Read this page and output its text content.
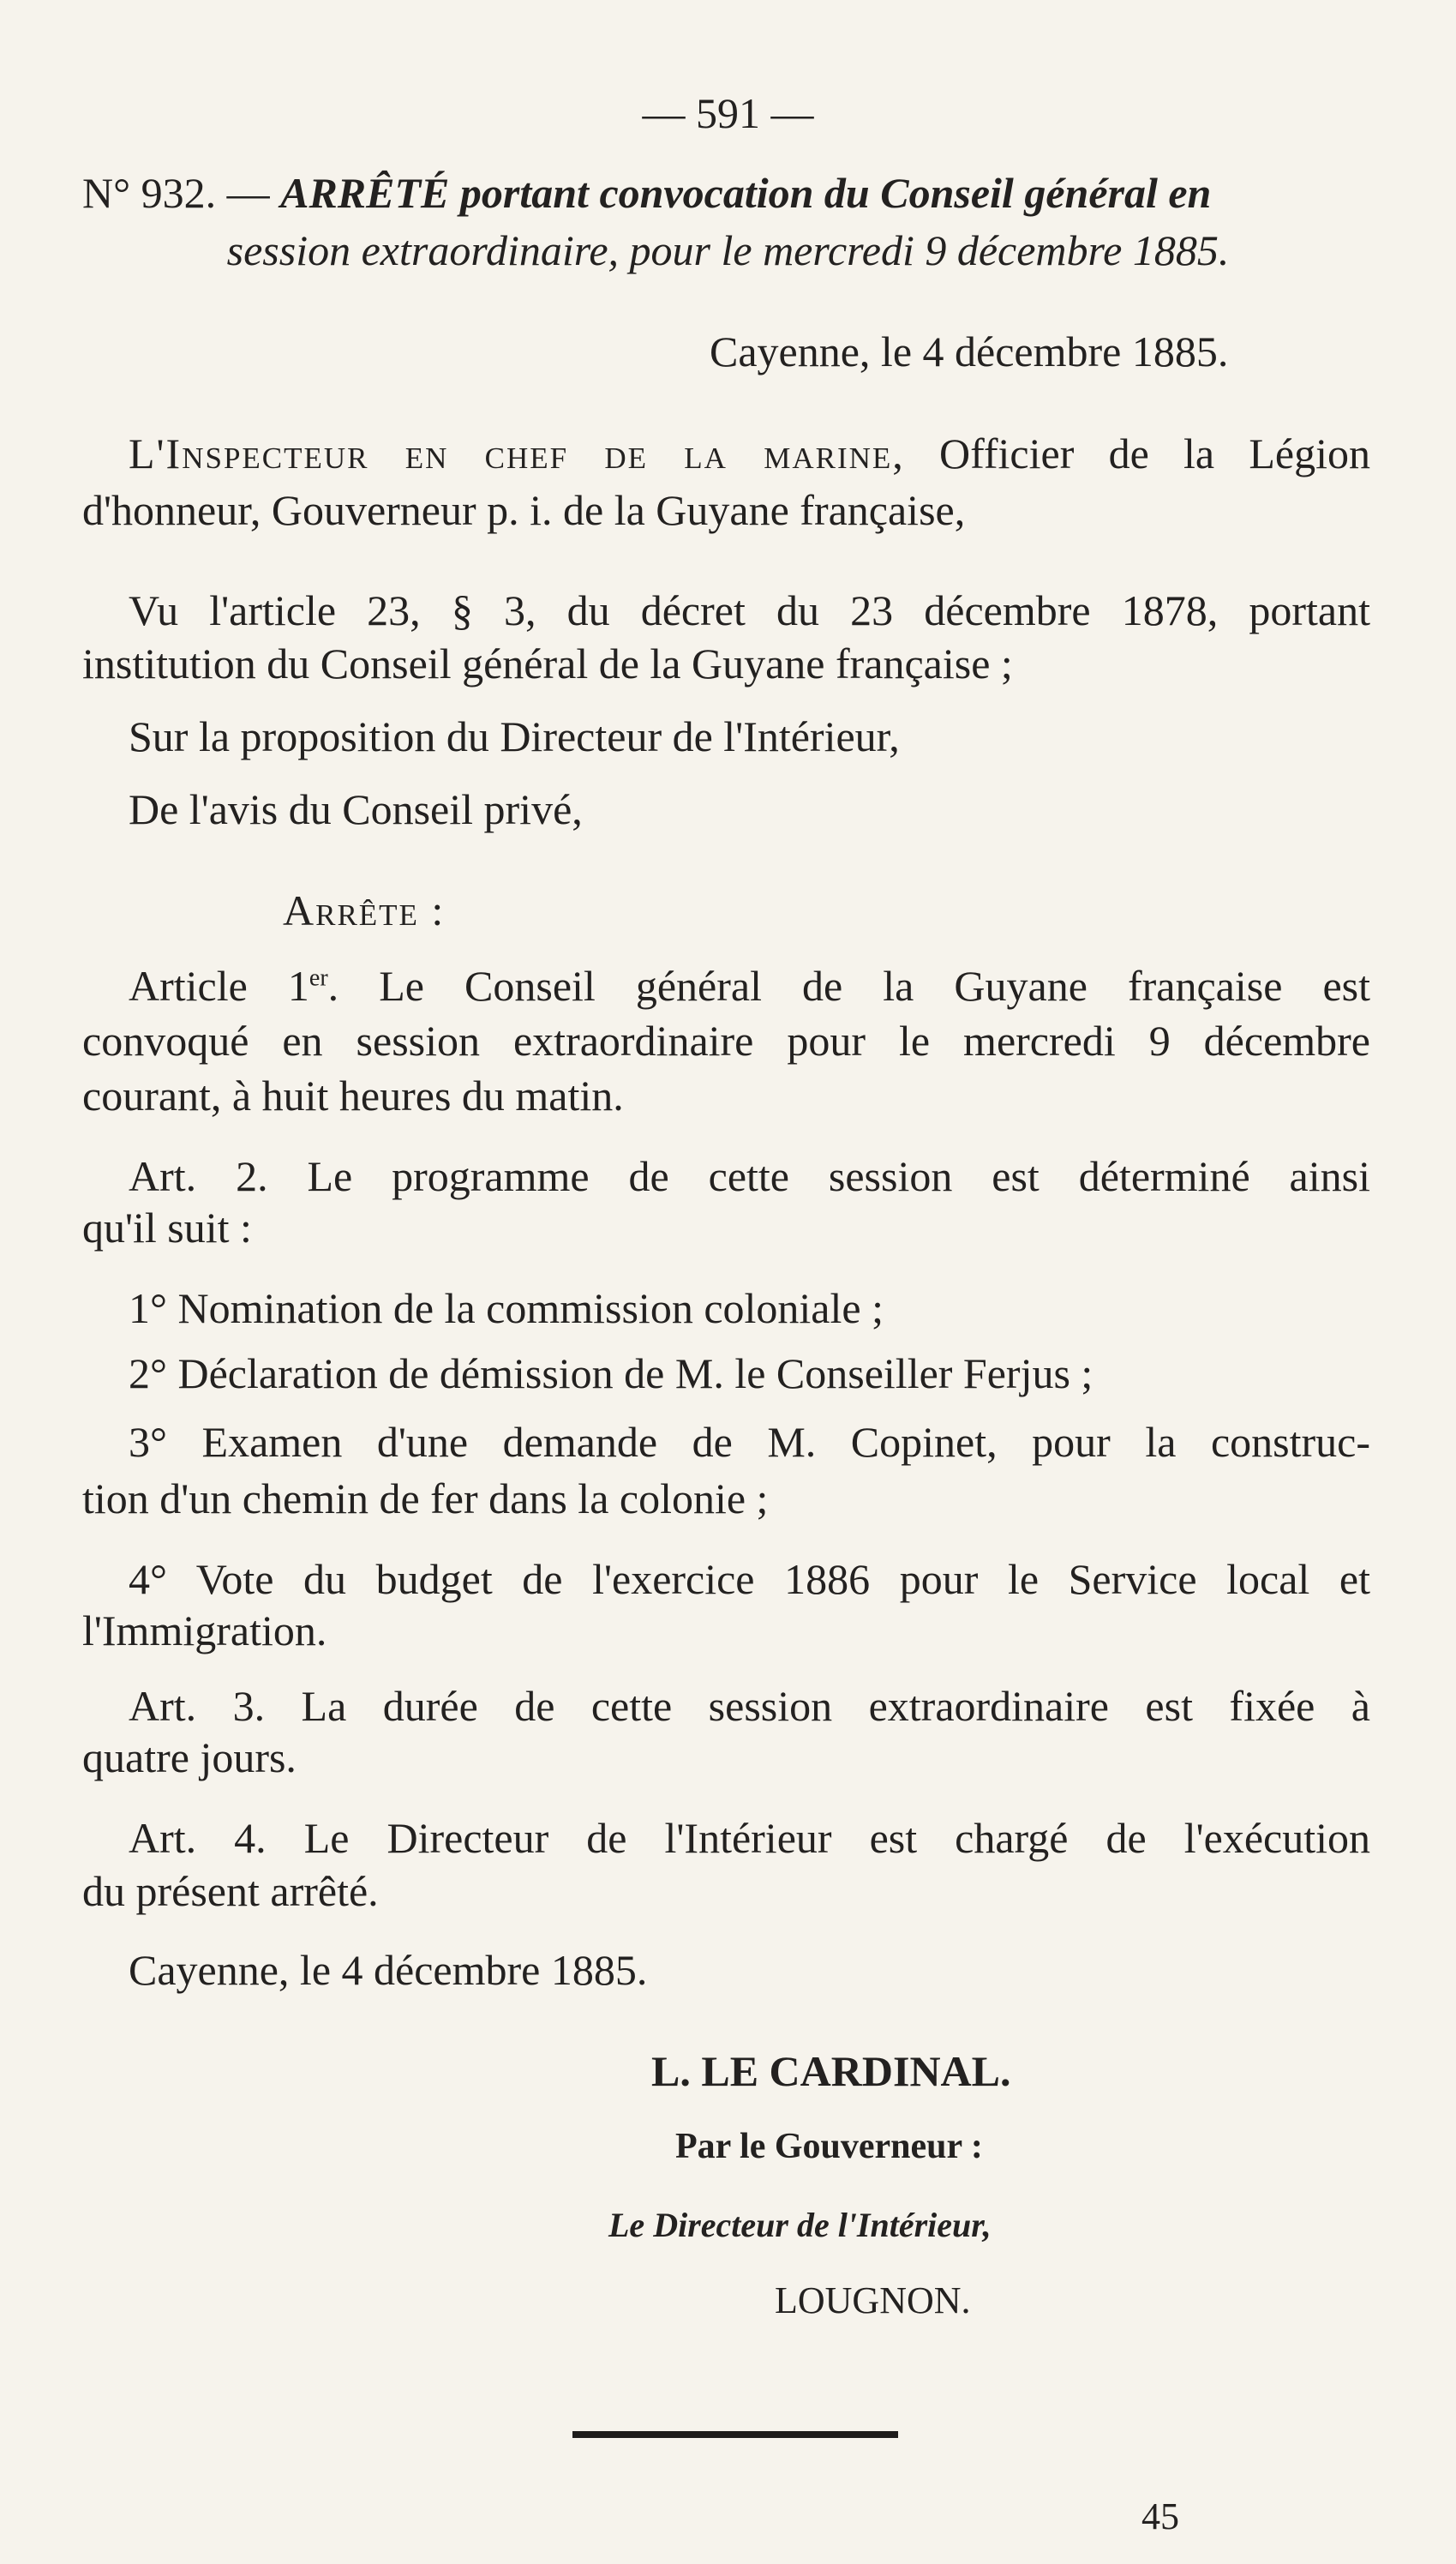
— 591 —
N° 932. — ARRÊTÉ portant convocation du Conseil général en
session extraordinaire, pour le mercredi 9 décembre 1885.
Cayenne, le 4 décembre 1885.
L'Inspecteur en chef de la marine, Officier de la Légion
d'honneur, Gouverneur p. i. de la Guyane française,
Vu l'article 23, § 3, du décret du 23 décembre 1878, portant
institution du Conseil général de la Guyane française ;
Sur la proposition du Directeur de l'Intérieur,
De l'avis du Conseil privé,
Arrête :
Article 1er. Le Conseil général de la Guyane française est
convoqué en session extraordinaire pour le mercredi 9 décembre
courant, à huit heures du matin.
Art. 2. Le programme de cette session est déterminé ainsi
qu'il suit :
1° Nomination de la commission coloniale ;
2° Déclaration de démission de M. le Conseiller Ferjus ;
3° Examen d'une demande de M. Copinet, pour la construc-
tion d'un chemin de fer dans la colonie ;
4° Vote du budget de l'exercice 1886 pour le Service local et
l'Immigration.
Art. 3. La durée de cette session extraordinaire est fixée à
quatre jours.
Art. 4. Le Directeur de l'Intérieur est chargé de l'exécution
du présent arrêté.
Cayenne, le 4 décembre 1885.
L. LE CARDINAL.
Par le Gouverneur :
Le Directeur de l'Intérieur,
LOUGNON.
45
